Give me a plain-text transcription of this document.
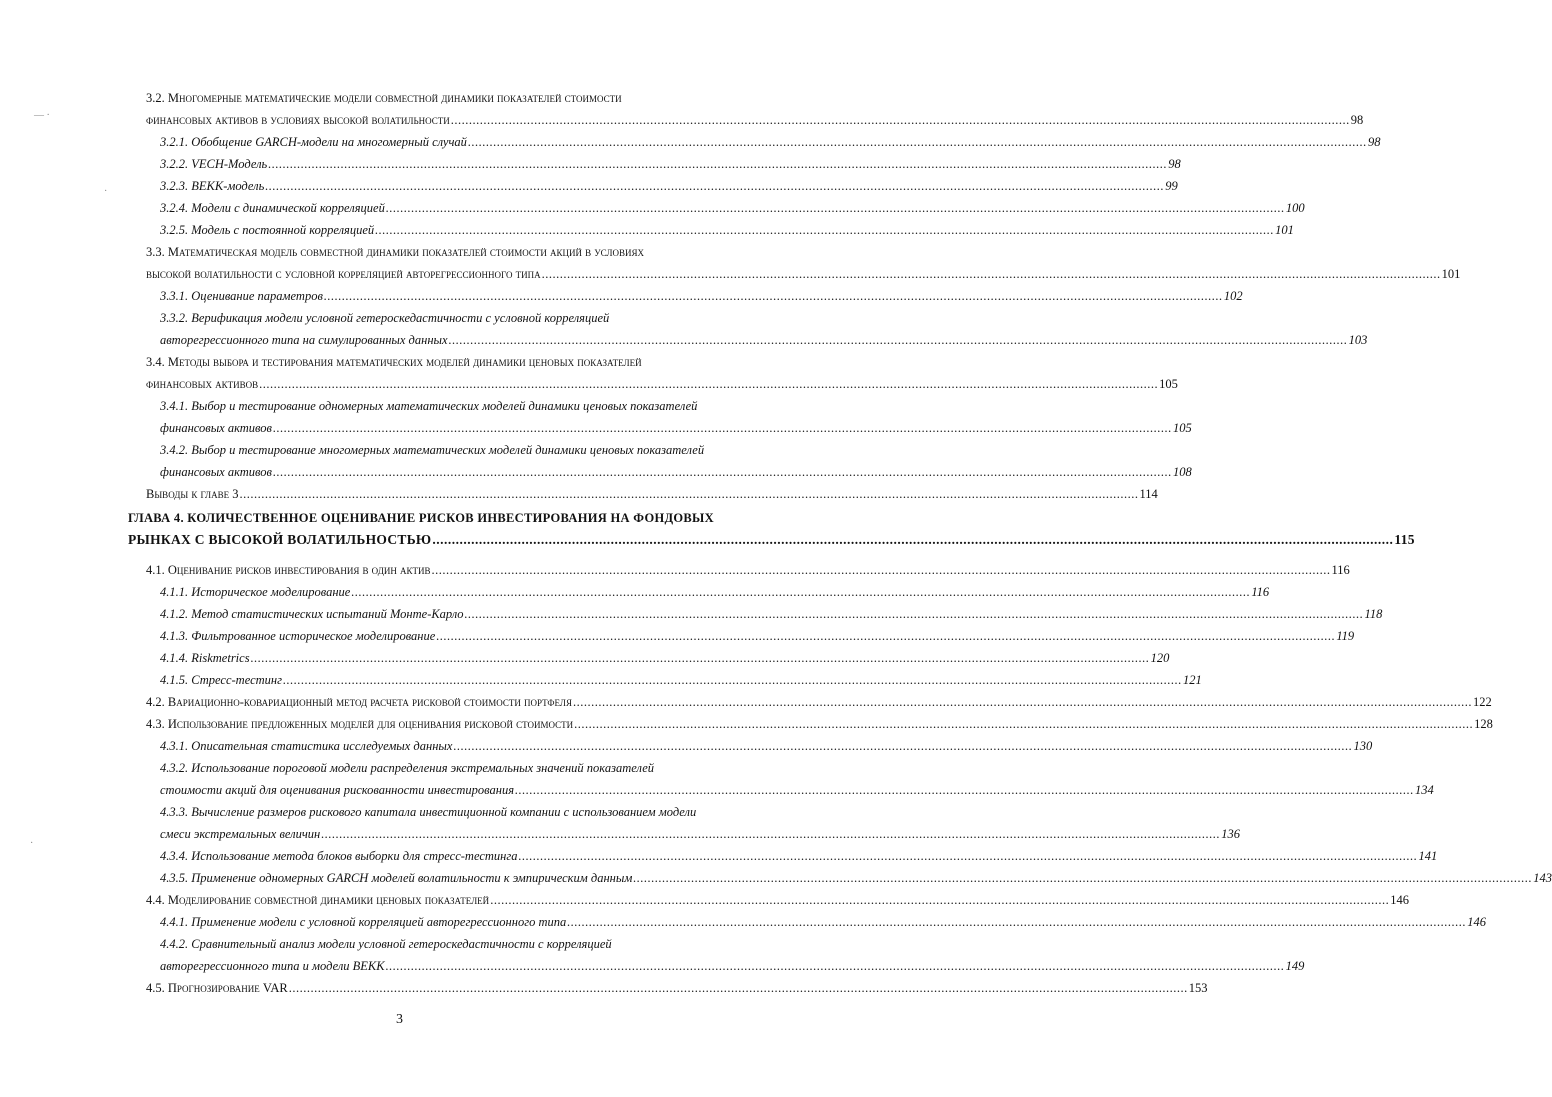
3.2. Многомерные математические модели совместной динамики показателей стоимости
финансовых активов в условиях высокой волатильности .....	98
3.2.1. Обобщение GARCH-модели на многомерный случай .....	98
3.2.2. VECH-Модель .....	98
3.2.3. BEKK-модель .....	99
3.2.4. Модели с динамической корреляцией .....	100
3.2.5. Модель с постоянной корреляцией .....	101
3.3. Математическая модель совместной динамики показателей стоимости акций в условиях
высокой волатильности с условной корреляцией авторегрессионного типа .....	101
3.3.1. Оценивание параметров .....	102
3.3.2. Верификация модели условной гетероскедастичности с условной корреляцией
авторегрессионного типа на симулированных данных .....	103
3.4. Методы выбора и тестирования математических моделей динамики ценовых показателей
финансовых активов .....	105
3.4.1. Выбор и тестирование одномерных математических моделей динамики ценовых показателей
финансовых активов .....	105
3.4.2. Выбор и тестирование многомерных математических моделей динамики ценовых показателей
финансовых активов .....	108
Выводы к главе 3 .....	114
ГЛАВА 4. КОЛИЧЕСТВЕННОЕ ОЦЕНИВАНИЕ РИСКОВ ИНВЕСТИРОВАНИЯ НА ФОНДОВЫХ
РЫНКАХ С ВЫСОКОЙ ВОЛАТИЛЬНОСТЬЮ .....	115
4.1. Оценивание рисков инвестирования в один актив .....	116
4.1.1. Историческое моделирование .....	116
4.1.2. Метод статистических испытаний Монте-Карло .....	118
4.1.3. Фильтрованное историческое моделирование .....	119
4.1.4. Riskmetrics .....	120
4.1.5. Стресс-тестинг .....	121
4.2. Вариационно-ковариационный метод расчета рисковой стоимости портфеля .....	122
4.3. Использование предложенных моделей для оценивания рисковой стоимости .....	128
4.3.1. Описательная статистика исследуемых данных .....	130
4.3.2. Использование пороговой модели распределения экстремальных значений показателей
стоимости акций для оценивания рискованности инвестирования .....	134
4.3.3. Вычисление размеров рискового капитала инвестиционной компании с использованием модели
смеси экстремальных величин .....	136
4.3.4. Использование метода блоков выборки для стресс-тестинга .....	141
4.3.5. Применение одномерных GARCH моделей волатильности к эмпирическим данным .....	143
4.4. Моделирование совместной динамики ценовых показателей .....	146
4.4.1. Применение модели с условной корреляцией авторегрессионного типа .....	146
4.4.2. Сравнительный анализ модели условной гетероскедастичности с корреляцией
авторегрессионного типа и модели BEKK .....	149
4.5. Прогнозирование VAR .....	153
3
‒‒ ·
·
·
